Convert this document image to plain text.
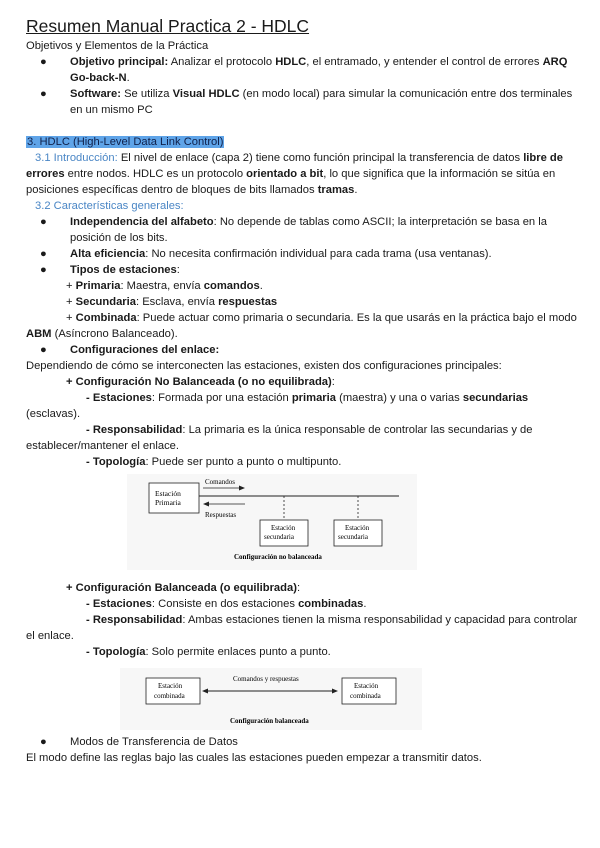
Resumen Manual Practica 2 - HDLC

Objetivos y Elementos de la Práctica

● Objetivo principal: Analizar el protocolo HDLC, el entramado, y entender el control de errores ARQ Go-back-N.

● Software: Se utiliza Visual HDLC (en modo local) para simular la comunicación entre dos terminales en un mismo PC

3. HDLC (High-Level Data Link Control)

3.1 Introducción: El nivel de enlace (capa 2) tiene como función principal la transferencia de datos libre de errores entre nodos. HDLC es un protocolo orientado a bit, lo que significa que la información se sitúa en posiciones específicas dentro de bloques de bits llamados tramas.

3.2 Características generales:

● Independencia del alfabeto: No depende de tablas como ASCII; la interpretación se basa en la posición de los bits.

● Alta eficiencia: No necesita confirmación individual para cada trama (usa ventanas).

● Tipos de estaciones:

+ Primaria: Maestra, envía comandos.

+ Secundaria: Esclava, envía respuestas

+ Combinada: Puede actuar como primaria o secundaria. Es la que usarás en la práctica bajo el modo ABM (Asíncrono Balanceado).

● Configuraciones del enlace:

Dependiendo de cómo se interconecten las estaciones, existen dos configuraciones principales:

+ Configuración No Balanceada (o no equilibrada):

- Estaciones: Formada por una estación primaria (maestra) y una o varias secundarias (esclavas).

- Responsabilidad: La primaria es la única responsable de controlar las secundarias y de establecer/mantener el enlace.

- Topología: Puede ser punto a punto o multipunto.

Estación
Primaria
Comandos
Respuestas
Estación
secundaria
Estación
secundaria
Configuración no balanceada

+ Configuración Balanceada (o equilibrada):

- Estaciones: Consiste en dos estaciones combinadas.

- Responsabilidad: Ambas estaciones tienen la misma responsabilidad y capacidad para controlar el enlace.

- Topología: Solo permite enlaces punto a punto.

Estación
combinada
Comandos y respuestas
Estación
combinada
Configuración balanceada

● Modos de Transferencia de Datos

El modo define las reglas bajo las cuales las estaciones pueden empezar a transmitir datos.
